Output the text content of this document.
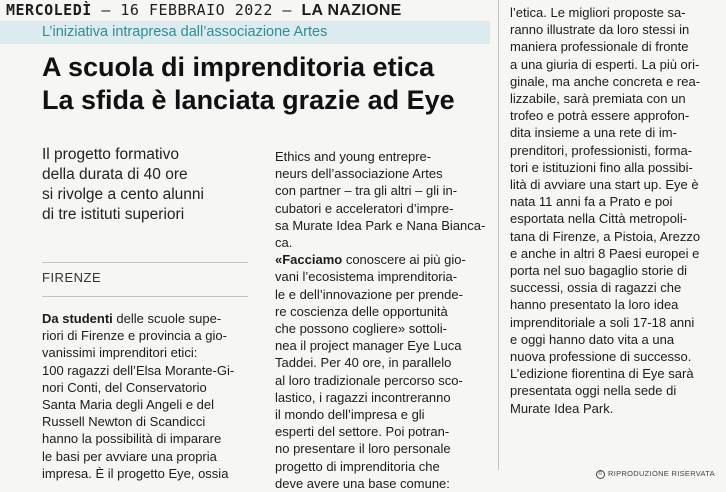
MERCOLEDÌ — 16 FEBBRAIO 2022 — LA NAZIONE
L’iniziativa intrapresa dall’associazione Artes
A scuola di imprenditoria etica
La sfida è lanciata grazie ad Eye
Il progetto formativo
della durata di 40 ore
si rivolge a cento alunni
di tre istituti superiori
FIRENZE
Da studenti delle scuole supe-
riori di Firenze e provincia a gio-
vanissimi imprenditori etici:
100 ragazzi dell’Elsa Morante-Gi-
nori Conti, del Conservatorio
Santa Maria degli Angeli e del
Russell Newton di Scandicci
hanno la possibilità di imparare
le basi per avviare una propria
impresa. È il progetto Eye, ossia
Ethics and young entrepre-
neurs dell’associazione Artes
con partner – tra gli altri – gli in-
cubatori e acceleratori d’impre-
sa Murate Idea Park e Nana Bianca-
ca.
«Facciamo conoscere ai più gio-
vani l’ecosistema imprenditoria-
le e dell’innovazione per prende-
re coscienza delle opportunità
che possono cogliere» sottoli-
nea il project manager Eye Luca
Taddei. Per 40 ore, in parallelo
al loro tradizionale percorso sco-
lastico, i ragazzi incontreranno
il mondo dell’impresa e gli
esperti del settore. Poi potran-
no presentare il loro personale
progetto di imprenditoria che
deve avere una base comune:
l’etica. Le migliori proposte sa-
ranno illustrate da loro stessi in
maniera professionale di fronte
a una giuria di esperti. La più ori-
ginale, ma anche concreta e rea-
lizzabile, sarà premiata con un
trofeo e potrà essere approfon-
dita insieme a una rete di im-
prenditori, professionisti, forma-
tori e istituzioni fino alla possibi-
lità di avviare una start up. Eye è
nata 11 anni fa a Prato e poi
esportata nella Città metropoli-
tana di Firenze, a Pistoia, Arezzo
e anche in altri 8 Paesi europei e
porta nel suo bagaglio storie di
successi, ossia di ragazzi che
hanno presentato la loro idea
imprenditoriale a soli 17-18 anni
e oggi hanno dato vita a una
nuova professione di successo.
L’edizione fiorentina di Eye sarà
presentata oggi nella sede di
Murate Idea Park.
© RIPRODUZIONE RISERVATA
